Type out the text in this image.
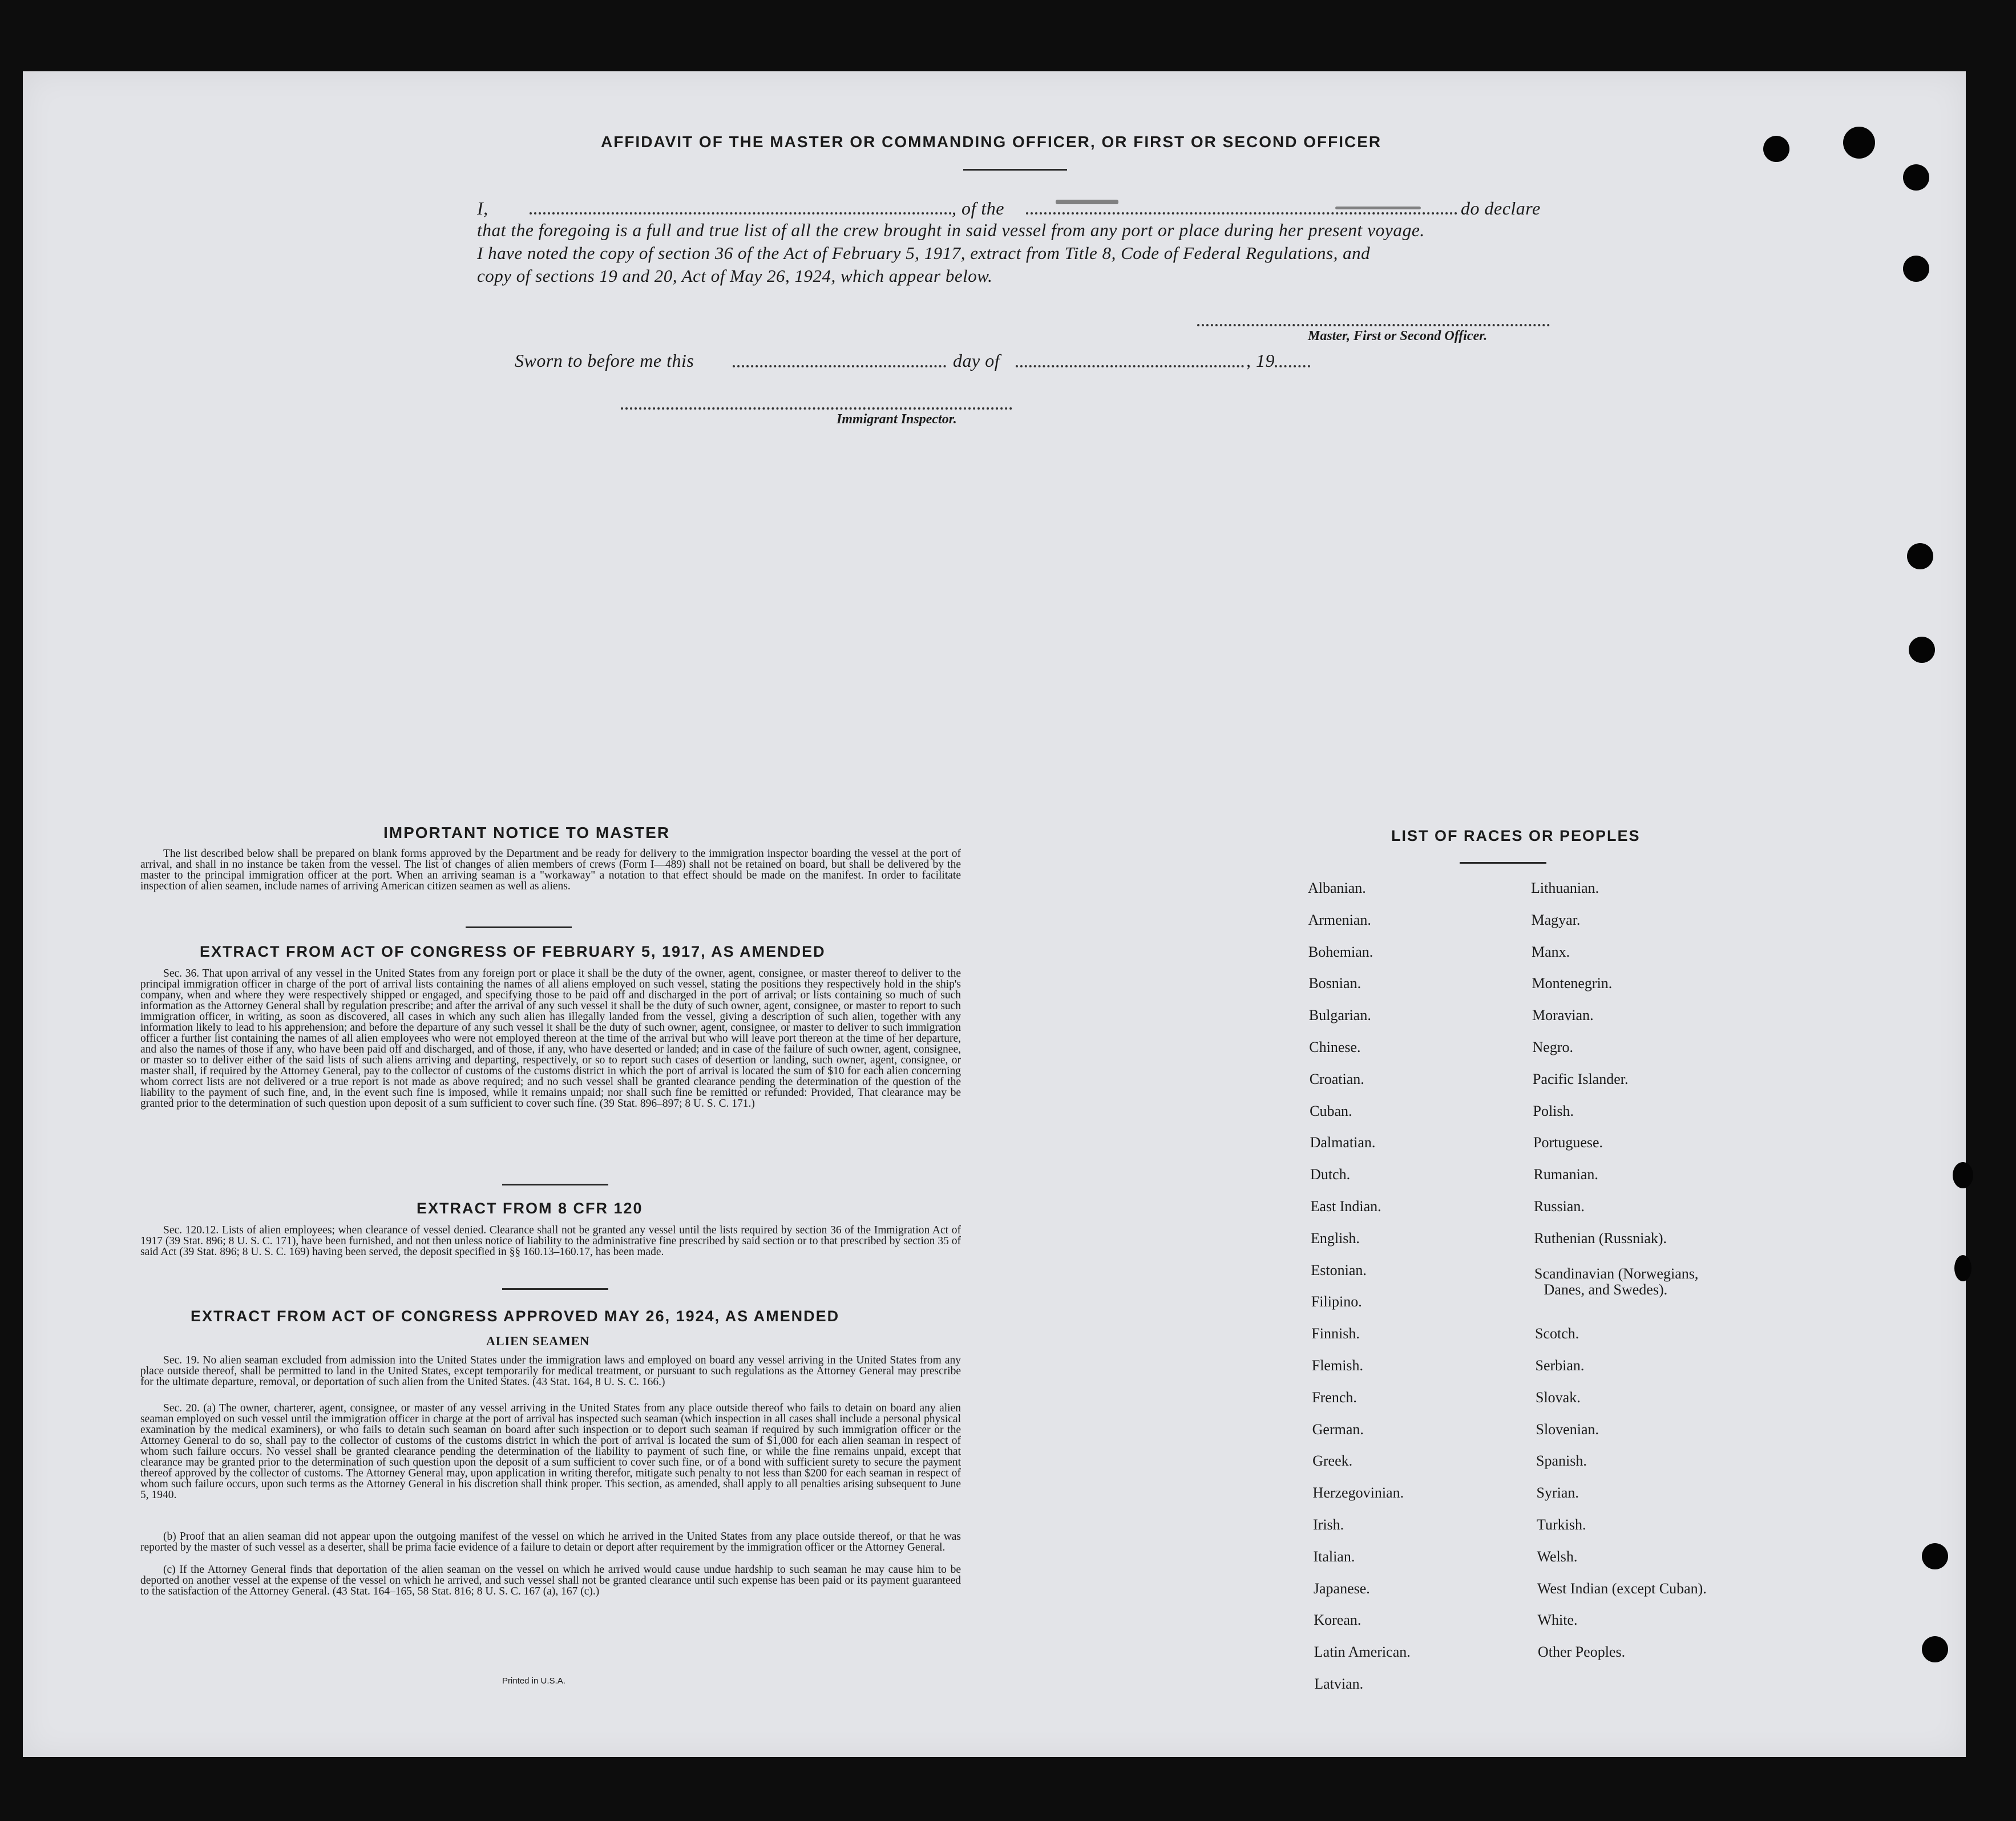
AFFIDAVIT OF THE MASTER OR COMMANDING OFFICER, OR FIRST OR SECOND OFFICER
I,	, of the	do declare
that the foregoing is a full and true list of all the crew brought in said vessel from any port or place during her present voyage.
I have noted the copy of section 36 of the Act of February 5, 1917, extract from Title 8, Code of Federal Regulations, and
copy of sections 19 and 20, Act of May 26, 1924, which appear below.
Master, First or Second Officer.
Sworn to before me this	day of	, 19
Immigrant Inspector.
IMPORTANT NOTICE TO MASTER
The list described below shall be prepared on blank forms approved by the Department and be ready for delivery to the immigration inspector boarding the vessel at the port of arrival, and shall in no instance be taken from the vessel. The list of changes of alien members of crews (Form I—489) shall not be retained on board, but shall be delivered by the master to the principal immigration officer at the port. When an arriving seaman is a "workaway" a notation to that effect should be made on the manifest. In order to facilitate inspection of alien seamen, include names of arriving American citizen seamen as well as aliens.
EXTRACT FROM ACT OF CONGRESS OF FEBRUARY 5, 1917, AS AMENDED
Sec. 36. That upon arrival of any vessel in the United States from any foreign port or place it shall be the duty of the owner, agent, consignee, or master thereof to deliver to the principal immigration officer in charge of the port of arrival lists containing the names of all aliens employed on such vessel, stating the positions they respectively hold in the ship's company, when and where they were respectively shipped or engaged, and specifying those to be paid off and discharged in the port of arrival; or lists containing so much of such information as the Attorney General shall by regulation prescribe; and after the arrival of any such vessel it shall be the duty of such owner, agent, consignee, or master to report to such immigration officer, in writing, as soon as discovered, all cases in which any such alien has illegally landed from the vessel, giving a description of such alien, together with any information likely to lead to his apprehension; and before the departure of any such vessel it shall be the duty of such owner, agent, consignee, or master to deliver to such immigration officer a further list containing the names of all alien employees who were not employed thereon at the time of the arrival but who will leave port thereon at the time of her departure, and also the names of those if any, who have been paid off and discharged, and of those, if any, who have deserted or landed; and in case of the failure of such owner, agent, consignee, or master so to deliver either of the said lists of such aliens arriving and departing, respectively, or so to report such cases of desertion or landing, such owner, agent, consignee, or master shall, if required by the Attorney General, pay to the collector of customs of the customs district in which the port of arrival is located the sum of $10 for each alien concerning whom correct lists are not delivered or a true report is not made as above required; and no such vessel shall be granted clearance pending the determination of the question of the liability to the payment of such fine, and, in the event such fine is imposed, while it remains unpaid; nor shall such fine be remitted or refunded: Provided, That clearance may be granted prior to the determination of such question upon deposit of a sum sufficient to cover such fine. (39 Stat. 896–897; 8 U. S. C. 171.)
EXTRACT FROM 8 CFR 120
Sec. 120.12. Lists of alien employees; when clearance of vessel denied. Clearance shall not be granted any vessel until the lists required by section 36 of the Immigration Act of 1917 (39 Stat. 896; 8 U. S. C. 171), have been furnished, and not then unless notice of liability to the administrative fine prescribed by said section or to that prescribed by section 35 of said Act (39 Stat. 896; 8 U. S. C. 169) having been served, the deposit specified in §§ 160.13–160.17, has been made.
EXTRACT FROM ACT OF CONGRESS APPROVED MAY 26, 1924, AS AMENDED
ALIEN SEAMEN
Sec. 19. No alien seaman excluded from admission into the United States under the immigration laws and employed on board any vessel arriving in the United States from any place outside thereof, shall be permitted to land in the United States, except temporarily for medical treatment, or pursuant to such regulations as the Attorney General may prescribe for the ultimate departure, removal, or deportation of such alien from the United States. (43 Stat. 164, 8 U. S. C. 166.)
Sec. 20. (a) The owner, charterer, agent, consignee, or master of any vessel arriving in the United States from any place outside thereof who fails to detain on board any alien seaman employed on such vessel until the immigration officer in charge at the port of arrival has inspected such seaman (which inspection in all cases shall include a personal physical examination by the medical examiners), or who fails to detain such seaman on board after such inspection or to deport such seaman if required by such immigration officer or the Attorney General to do so, shall pay to the collector of customs of the customs district in which the port of arrival is located the sum of $1,000 for each alien seaman in respect of whom such failure occurs. No vessel shall be granted clearance pending the determination of the liability to payment of such fine, or while the fine remains unpaid, except that clearance may be granted prior to the determination of such question upon the deposit of a sum sufficient to cover such fine, or of a bond with sufficient surety to secure the payment thereof approved by the collector of customs. The Attorney General may, upon application in writing therefor, mitigate such penalty to not less than $200 for each seaman in respect of whom such failure occurs, upon such terms as the Attorney General in his discretion shall think proper. This section, as amended, shall apply to all penalties arising subsequent to June 5, 1940.
(b) Proof that an alien seaman did not appear upon the outgoing manifest of the vessel on which he arrived in the United States from any place outside thereof, or that he was reported by the master of such vessel as a deserter, shall be prima facie evidence of a failure to detain or deport after requirement by the immigration officer or the Attorney General.
(c) If the Attorney General finds that deportation of the alien seaman on the vessel on which he arrived would cause undue hardship to such seaman he may cause him to be deported on another vessel at the expense of the vessel on which he arrived, and such vessel shall not be granted clearance until such expense has been paid or its payment guaranteed to the satisfaction of the Attorney General. (43 Stat. 164–165, 58 Stat. 816; 8 U. S. C. 167 (a), 167 (c).)
Printed in U.S.A.
LIST OF RACES OR PEOPLES
Albanian.
Armenian.
Bohemian.
Bosnian.
Bulgarian.
Chinese.
Croatian.
Cuban.
Dalmatian.
Dutch.
East Indian.
English.
Estonian.
Filipino.
Finnish.
Flemish.
French.
German.
Greek.
Herzegovinian.
Irish.
Italian.
Japanese.
Korean.
Latin American.
Latvian.
Lithuanian.
Magyar.
Manx.
Montenegrin.
Moravian.
Negro.
Pacific Islander.
Polish.
Portuguese.
Rumanian.
Russian.
Ruthenian (Russniak).
Scandinavian (Norwegians,
Danes, and Swedes).
Scotch.
Serbian.
Slovak.
Slovenian.
Spanish.
Syrian.
Turkish.
Welsh.
West Indian (except Cuban).
White.
Other Peoples.
